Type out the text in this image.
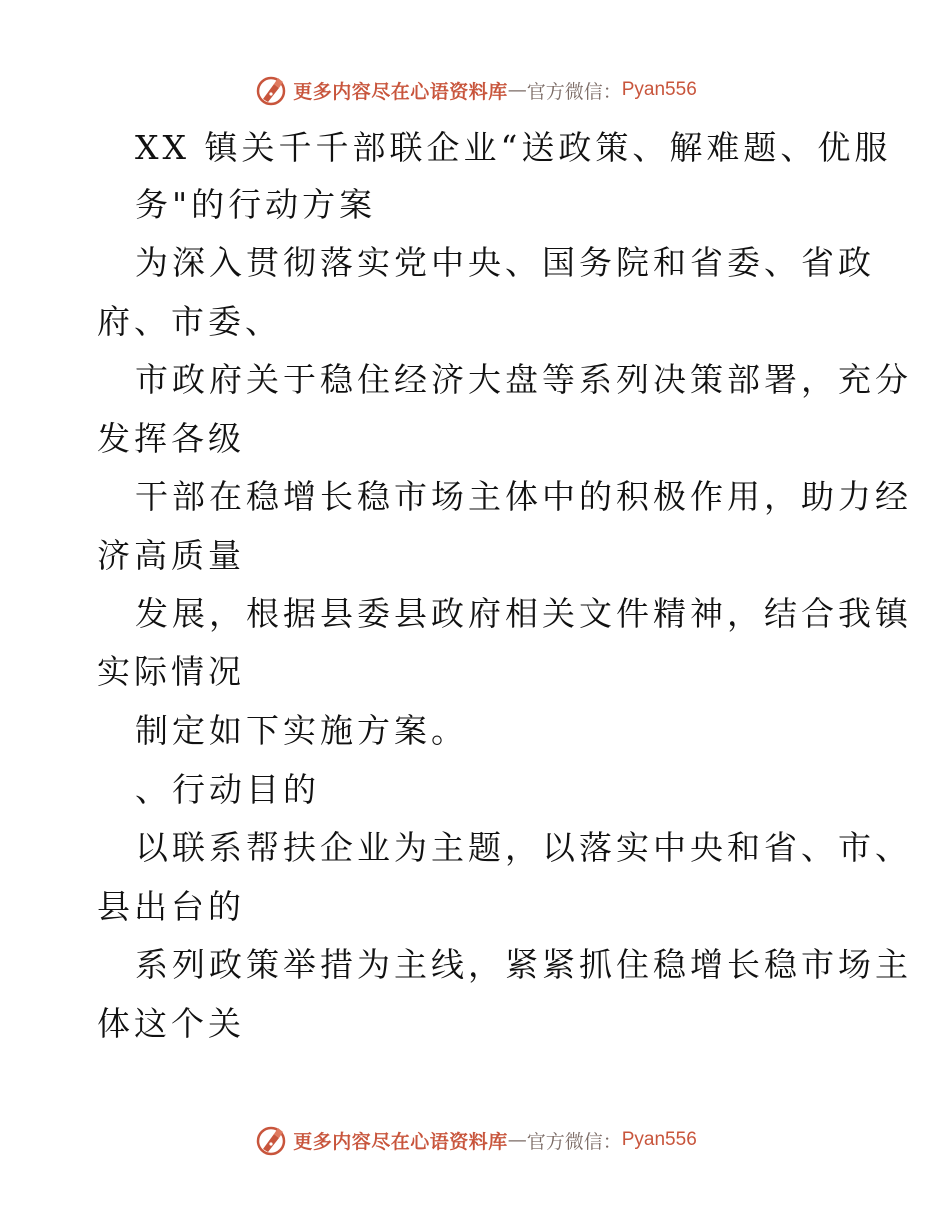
更多内容尽在心语资料库 — 官方微信： Pyan556
XX 镇关千千部联企业“送政策、解难题、优服
务"的行动方案
为深入贯彻落实党中央、国务院和省委、省政
府、市委、
市政府关于稳住经济大盘等系列决策部署，充分
发挥各级
干部在稳增长稳市场主体中的积极作用，助力经
济高质量
发展，根据县委县政府相关文件精神，结合我镇
实际情况
制定如下实施方案。
、行动目的
以联系帮扶企业为主题，以落实中央和省、市、
县出台的
系列政策举措为主线，紧紧抓住稳增长稳市场主
体这个关
更多内容尽在心语资料库 — 官方微信： Pyan556
